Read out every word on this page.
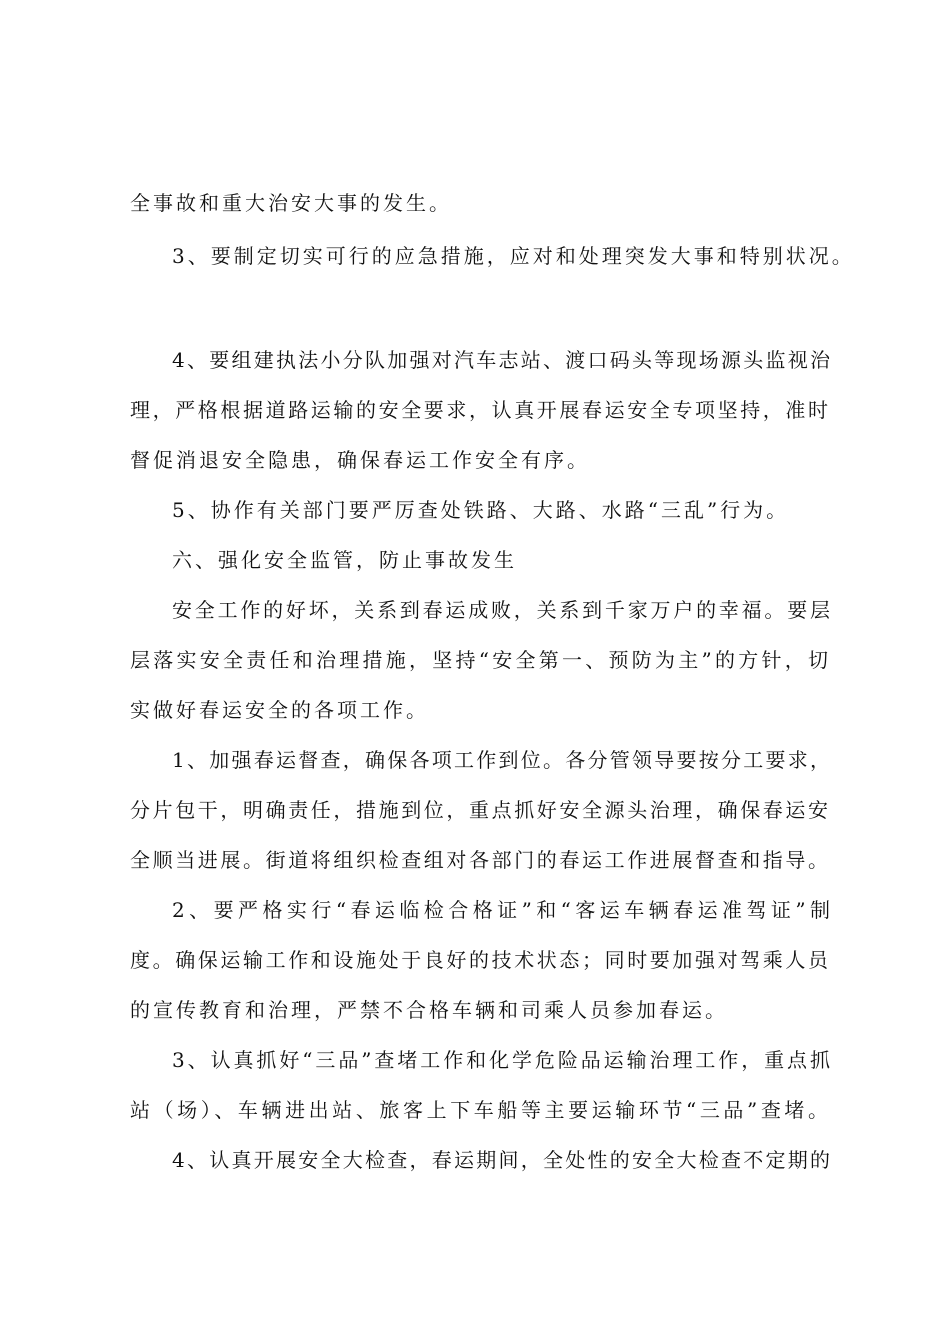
全事故和重大治安大事的发生。
3、要制定切实可行的应急措施，应对和处理突发大事和特别状况。
4、要组建执法小分队加强对汽车志站、渡口码头等现场源头监视治
理，严格根据道路运输的安全要求，认真开展春运安全专项坚持，准时
督促消退安全隐患，确保春运工作安全有序。
5、协作有关部门要严厉查处铁路、大路、水路“三乱”行为。
六、强化安全监管，防止事故发生
安全工作的好坏，关系到春运成败，关系到千家万户的幸福。要层
层落实安全责任和治理措施，坚持“安全第一、预防为主”的方针，切
实做好春运安全的各项工作。
1、加强春运督查，确保各项工作到位。各分管领导要按分工要求，
分片包干，明确责任，措施到位，重点抓好安全源头治理，确保春运安
全顺当进展。街道将组织检查组对各部门的春运工作进展督查和指导。
2、要严格实行“春运临检合格证”和“客运车辆春运准驾证”制
度。确保运输工作和设施处于良好的技术状态；同时要加强对驾乘人员
的宣传教育和治理，严禁不合格车辆和司乘人员参加春运。
3、认真抓好“三品”查堵工作和化学危险品运输治理工作，重点抓
站（场）、车辆进出站、旅客上下车船等主要运输环节“三品”查堵。
4、认真开展安全大检查，春运期间，全处性的安全大检查不定期的
